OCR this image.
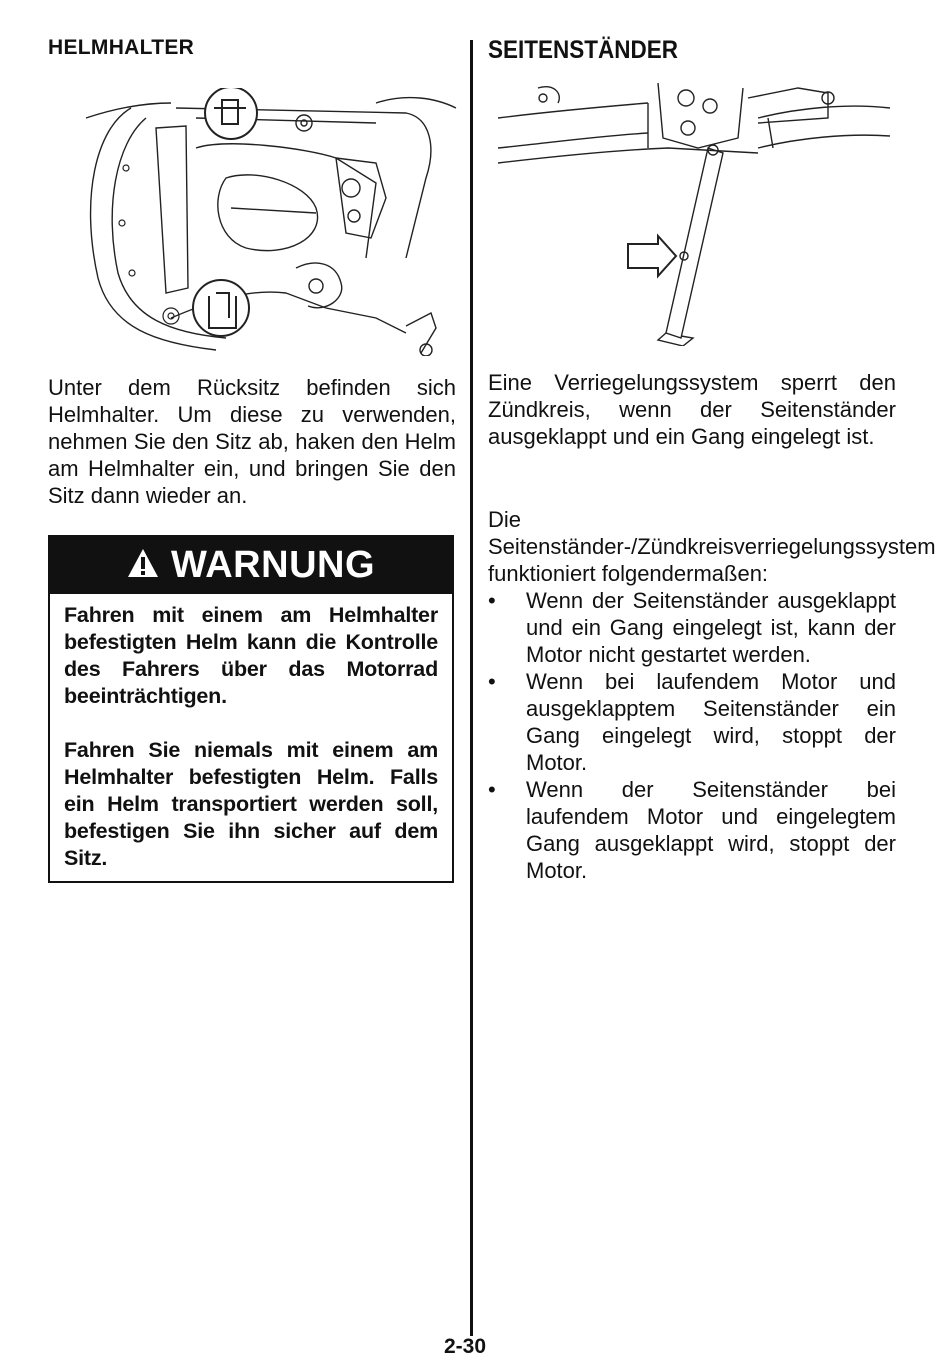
HELMHALTER

Unter dem Rücksitz befinden sich Helmhalter. Um diese zu verwenden, nehmen Sie den Sitz ab, haken den Helm am Helmhalter ein, und bringen Sie den Sitz dann wieder an.

WARNUNG

Fahren mit einem am Helmhalter befestigten Helm kann die Kontrolle des Fahrers über das Motorrad beeinträchtigen.

Fahren Sie niemals mit einem am Helmhalter befestigten Helm. Falls ein Helm transportiert werden soll, befestigen Sie ihn sicher auf dem Sitz.

SEITENSTÄNDER

Eine Verriegelungssystem sperrt den Zündkreis, wenn der Seitenständer ausgeklappt und ein Gang eingelegt ist.

Die Seitenständer-/Zündkreisverriegelungssystem funktioniert folgendermaßen:

• Wenn der Seitenständer ausgeklappt und ein Gang eingelegt ist, kann der Motor nicht gestartet werden.
• Wenn bei laufendem Motor und ausgeklapptem Seitenständer ein Gang eingelegt wird, stoppt der Motor.
• Wenn der Seitenständer bei laufendem Motor und eingelegtem Gang ausgeklappt wird, stoppt der Motor.
2-30
